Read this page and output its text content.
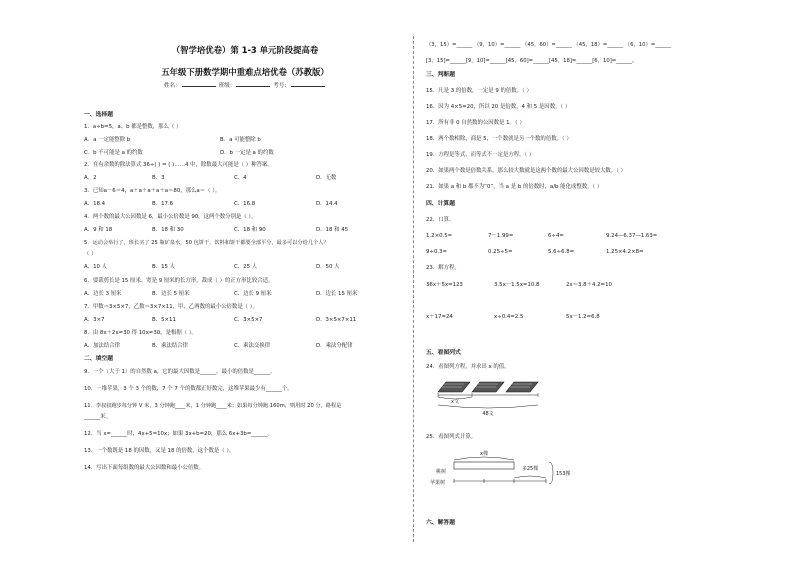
（智学培优卷）第 1-3 单元阶段提高卷
五年级下册数学期中重难点培优卷（苏教版）
姓名：	班级：	考号：
一、选择题
1．a÷b=5，a、b 都是整数，那么（ ）
A．a 一定能整除 b	B．a 可能整除 b
C．b 不可能是 a 的约数	D．b 一定是 a 的约数
2．在有余数的除法算式 36÷( ) = ( )……4 中，除数最大可能是（ ）种答案。
A．2	B．3	C．4	D．无数
3．已知a－6＝4，a＋a＋a＋a＋a＝80，那么a＝（ ）。
A．18.4	B．17.6	C．16.8	D．14.4
4．两个数的最大公因数是 6，最小公倍数是 90，这两个数分别是（ ）。
A．9 和 18	B．18 和 30	C．18 和 90	D．18 和 45
5．运动会举行了，班长买了 25 瓶矿泉水，50 包饼干，饮料和饼干都要全部平分，最多可以分给几个人？
（ ）
A．10 人	B．15 人	C．25 人	D．50 人
6．要裁剪长是 15 厘米、宽是 9 厘米的长方形，裁成（ ）的正方形比较合适。
A．边长 3 厘米	B．边长 5 厘米	C．边长 9 厘米	D．边长 15 厘米
7．甲数＝3×5×7，乙数＝3×7×11，甲、乙两数的最小公倍数是（ ）。
A．3×7	B．5×11	C．3×5×7	D．3×5×7×11
8．由 8x＋2x=30 得 10x=30，是根据（ ）。
A．加法结合律	B．乘法结合律	C．乘法交换律	D．乘法分配律
二、填空题
9．一个（大于 1）的自然数 a，它的最大因数是______，最小的倍数是______。
10．一堆苹果，3 个 3 个的数，7 个 7 个的数都正好数完，这堆苹果最少有______个。
11．李叔叔跑步每分钟 V 米，3 分钟跑____米，1 分钟跑____米；如果每分钟跑 160m，则用时 20 分，路程是
______米。
12．当 x=______时，4x+5=10x；如果 3x+b=20，那么 6x+3b=______。
13．一个数既是 18 的因数，又是 18 的倍数，这个数是（ ）。
14．写出下面每组数的最大公因数和最小公倍数。
（3，15）=______ （9，10）=______ （45，60）=______ （45，18）=______ （6，10）=______
[3，15]=______[9，10]=______[45，60]=______[45，18]=______[6，10]=______。
三、判断题
15．凡是 3 的倍数，一定是 9 的倍数。（ ）
16．因为 4×5=20，所以 20 是倍数，4 和 5 是因数。（ ）
17．所有非 0 自然数的公因数是 1。（ ）
18．两个数相除，商是 5，一个数就是另一个数的倍数。（ ）
19．方程是等式，而等式不一定是方程。（ ）
20．如果两个数是倍数关系，那么较大数就是这两个数的最大公因数是较大数。（ ）
21．如果 a 和 b 都不为“0”，当 a 是 b 的倍数时，a/b 能化成整数。（ ）
四、计算题
22．口算。
1.2×0.5=	7－1.99=	6÷4=	9.24—6.37—1.63=
9÷0.3=	0.25÷5=	5.6÷6.8=	1.25×4.2×8=
23．解方程。
36x＋5x=123	3.5x－1.5x=10.8	2x＝3.8＋4.2=10
x＋17=24	x÷0.4=2.5	5x－1.2=6.8
五、看图列式
24．看图列方程，并求出 x 的值。
x文
48文
25．看图列式计算。
x棵
桃树
苹果树
多25棵
153棵
六、解答题
